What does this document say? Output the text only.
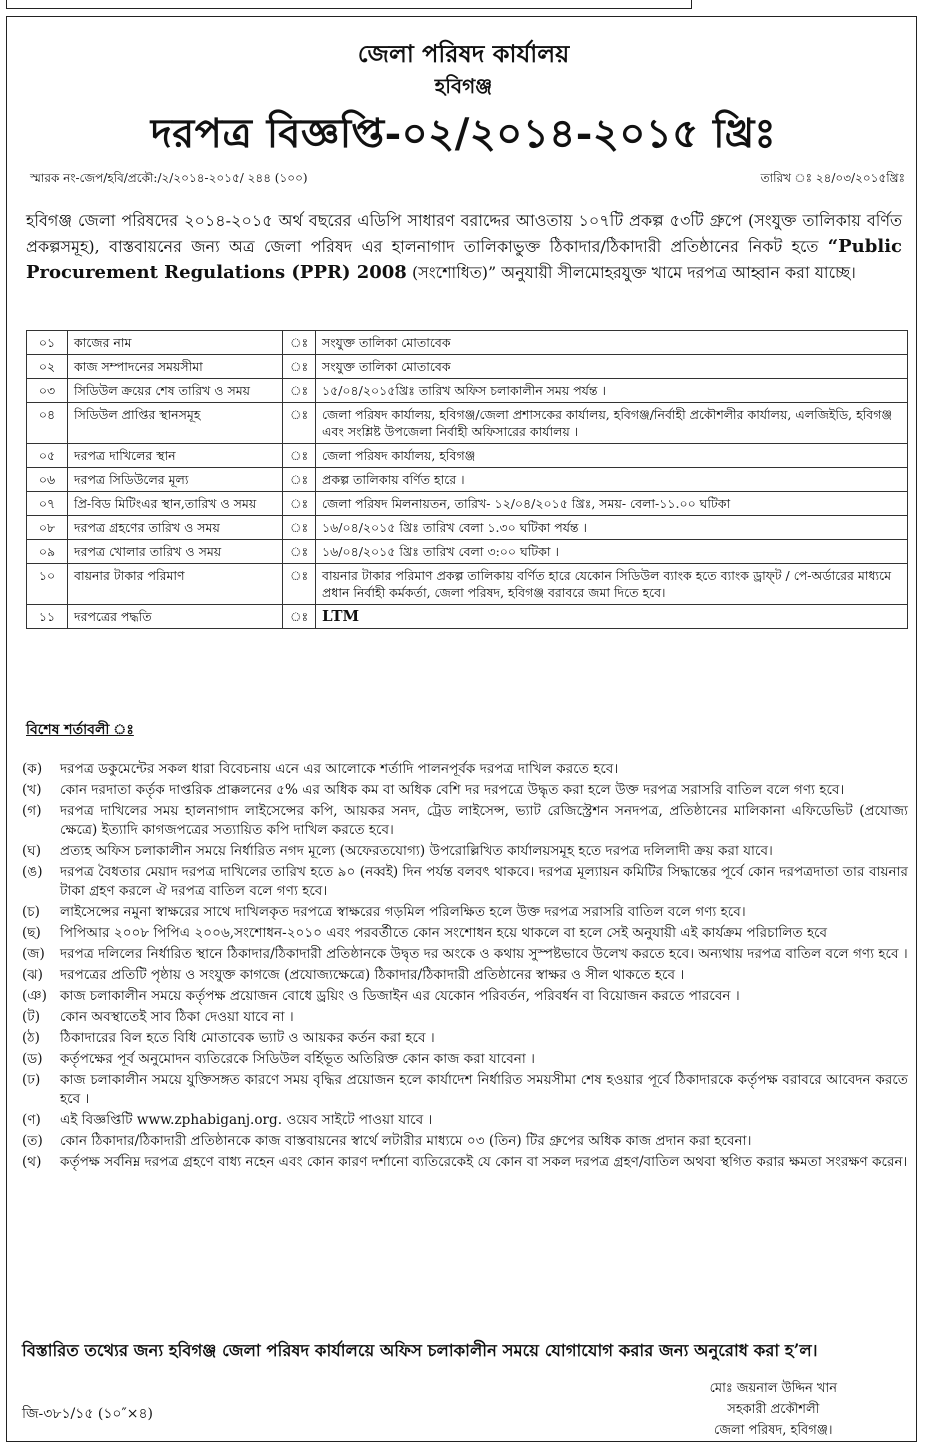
জেলা পরিষদ কার্যালয়
হবিগঞ্জ
দরপত্র বিজ্ঞপ্তি-০২/২০১৪-২০১৫ খ্রিঃ
স্মারক নং-জেপ/হবি/প্রকৌ:/২/২০১৪-২০১৫/ ২৪৪ (১০০)	তারিখ ঃ ২৪/০৩/২০১৫খ্রিঃ
হবিগঞ্জ জেলা পরিষদের ২০১৪-২০১৫ অর্থ বছরের এডিপি সাধারণ বরাদ্দের আওতায় ১০৭টি প্রকল্প ৫৩টি গ্রুপে (সংযুক্ত তালিকায় বর্ণিত প্রকল্পসমূহ), বাস্তবায়নের জন্য অত্র জেলা পরিষদ এর হালনাগাদ তালিকাভুক্ত ঠিকাদার/ঠিকাদারী প্রতিষ্ঠানের নিকট হতে “Public Procurement Regulations (PPR) 2008 (সংশোধিত)” অনুযায়ী সীলমোহরযুক্ত খামে দরপত্র আহ্বান করা যাচ্ছে।
০১	কাজের নাম	ঃ	সংযুক্ত তালিকা মোতাবেক
০২	কাজ সম্পাদনের সময়সীমা	ঃ	সংযুক্ত তালিকা মোতাবেক
০৩	সিডিউল ক্রয়ের শেষ তারিখ ও সময়	ঃ	১৫/০৪/২০১৫খ্রিঃ তারিখ অফিস চলাকালীন সময় পর্যন্ত ।
০৪	সিডিউল প্রাপ্তির স্থানসমূহ	ঃ	জেলা পরিষদ কার্যালয়, হবিগঞ্জ/জেলা প্রশাসকের কার্যালয়, হবিগঞ্জ/নির্বাহী প্রকৌশলীর কার্যালয়, এলজিইডি, হবিগঞ্জ এবং সংশ্লিষ্ট উপজেলা নির্বাহী অফিসারের কার্যালয় ।
০৫	দরপত্র দাখিলের স্থান	ঃ	জেলা পরিষদ কার্যালয়, হবিগঞ্জ
০৬	দরপত্র সিডিউলের মূল্য	ঃ	প্রকল্প তালিকায় বর্ণিত হারে ।
০৭	প্রি-বিড মিটিংএর স্থান,তারিখ ও সময়	ঃ	জেলা পরিষদ মিলনায়তন, তারিখ- ১২/০৪/২০১৫ খ্রিঃ, সময়- বেলা-১১.০০ ঘটিকা
০৮	দরপত্র গ্রহণের তারিখ ও সময়	ঃ	১৬/০৪/২০১৫ খ্রিঃ তারিখ বেলা ১.৩০ ঘটিকা পর্যন্ত ।
০৯	দরপত্র খোলার তারিখ ও সময়	ঃ	১৬/০৪/২০১৫ খ্রিঃ তারিখ বেলা ৩:০০ ঘটিকা ।
১০	বায়নার টাকার পরিমাণ	ঃ	বায়নার টাকার পরিমাণ প্রকল্প তালিকায় বর্ণিত হারে যেকোন সিডিউল ব্যাংক হতে ব্যাংক ড্রাফ্‌ট / পে-অর্ডারের মাধ্যমে প্রধান নির্বাহী কর্মকর্তা, জেলা পরিষদ, হবিগঞ্জ বরাবরে জমা দিতে হবে।
১১	দরপত্রের পদ্ধতি	ঃ	LTM
বিশেষ শর্তাবলী ঃ
(ক)	দরপত্র ডকুমেন্টের সকল ধারা বিবেচনায় এনে এর আলোকে শর্তাদি পালনপূর্বক দরপত্র দাখিল করতে হবে।
(খ)	কোন দরদাতা কর্তৃক দাপ্তরিক প্রাক্কলনের ৫% এর অধিক কম বা অধিক বেশি দর দরপত্রে উদ্ধৃত করা হলে উক্ত দরপত্র সরাসরি বাতিল বলে গণ্য হবে।
(গ)	দরপত্র দাখিলের সময় হালনাগাদ লাইসেন্সের কপি, আয়কর সনদ, ট্রেড লাইসেন্স, ভ্যাট রেজিস্ট্রেশন সনদপত্র, প্রতিষ্ঠানের মালিকানা এফিডেভিট (প্রযোজ্য ক্ষেত্রে) ইত্যাদি কাগজপত্রের সত্যায়িত কপি দাখিল করতে হবে।
(ঘ)	প্রত্যহ অফিস চলাকালীন সময়ে নির্ধারিত নগদ মূল্যে (অফেরতযোগ্য) উপরোল্লিখিত কার্যালয়সমূহ হতে দরপত্র দলিলাদী ক্রয় করা যাবে।
(ঙ)	দরপত্র বৈধতার মেয়াদ দরপত্র দাখিলের তারিখ হতে ৯০ (নব্বই) দিন পর্যন্ত বলবৎ থাকবে। দরপত্র মূল্যায়ন কমিটির সিদ্ধান্তের পূর্বে কোন দরপত্রদাতা তার বায়নার টাকা গ্রহণ করলে ঐ দরপত্র বাতিল বলে গণ্য হবে।
(চ)	লাইসেন্সের নমুনা স্বাক্ষরের সাথে দাখিলকৃত দরপত্রে স্বাক্ষরের গড়মিল পরিলক্ষিত হলে উক্ত দরপত্র সরাসরি বাতিল বলে গণ্য হবে।
(ছ)	পিপিআর ২০০৮ পিপিএ ২০০৬,সংশোধন-২০১০ এবং পরবর্তীতে কোন সংশোধন হয়ে থাকলে বা হলে সেই অনুযায়ী এই কার্যক্রম পরিচালিত হবে
(জ)	দরপত্র দলিলের নির্ধারিত স্থানে ঠিকাদার/ঠিকাদারী প্রতিষ্ঠানকে উদ্বৃত দর অংকে ও কথায় সুস্পষ্টভাবে উলেখ করতে হবে। অন্যথায় দরপত্র বাতিল বলে গণ্য হবে ।
(ঝ)	দরপত্রের প্রতিটি পৃষ্ঠায় ও সংযুক্ত কাগজে (প্রযোজ্যক্ষেত্রে) ঠিকাদার/ঠিকাদারী প্রতিষ্ঠানের স্বাক্ষর ও সীল থাকতে হবে ।
(ঞ) কাজ চলাকালীন সময়ে কর্তৃপক্ষ প্রয়োজন বোধে ড্রয়িং ও ডিজাইন এর যেকোন পরিবর্তন, পরিবর্ধন বা বিয়োজন করতে পারবেন ।
(ট)	কোন অবস্থাতেই সাব ঠিকা দেওয়া যাবে না ।
(ঠ)	ঠিকাদারের বিল হতে বিধি মোতাবেক ভ্যাট ও আয়কর কর্তন করা হবে ।
(ড)	কর্তৃপক্ষের পূর্ব অনুমোদন ব্যতিরেকে সিডিউল বর্হিভূত অতিরিক্ত কোন কাজ করা যাবেনা ।
(ঢ)	কাজ চলাকালীন সময়ে যুক্তিসঙ্গত কারণে সময় বৃদ্ধির প্রয়োজন হলে কার্যাদেশ নির্ধারিত সময়সীমা শেষ হওয়ার পূর্বে ঠিকাদারকে কর্তৃপক্ষ বরাবরে আবেদন করতে হবে ।
(ণ)	এই বিজ্ঞপ্তিটি www.zphabiganj.org. ওয়েব সাইটে পাওয়া যাবে ।
(ত)	কোন ঠিকাদার/ঠিকাদারী প্রতিষ্ঠানকে কাজ বাস্তবায়নের স্বার্থে লটারীর মাধ্যমে ০৩ (তিন) টির গ্রুপের অধিক কাজ প্রদান করা হবেনা।
(থ)	কর্তৃপক্ষ সর্বনিম্ন দরপত্র গ্রহণে বাধ্য নহেন এবং কোন কারণ দর্শানো ব্যতিরেকেই যে কোন বা সকল দরপত্র গ্রহণ/বাতিল অথবা স্থগিত করার ক্ষমতা সংরক্ষণ করেন।
বিস্তারিত তথ্যের জন্য হবিগঞ্জ জেলা পরিষদ কার্যালয়ে অফিস চলাকালীন সময়ে যোগাযোগ করার জন্য অনুরোধ করা হ’ল।
জি-৩৮১/১৫ (১০″×৪)
মোঃ জয়নাল উদ্দিন খান
সহকারী প্রকৌশলী
জেলা পরিষদ, হবিগঞ্জ।
